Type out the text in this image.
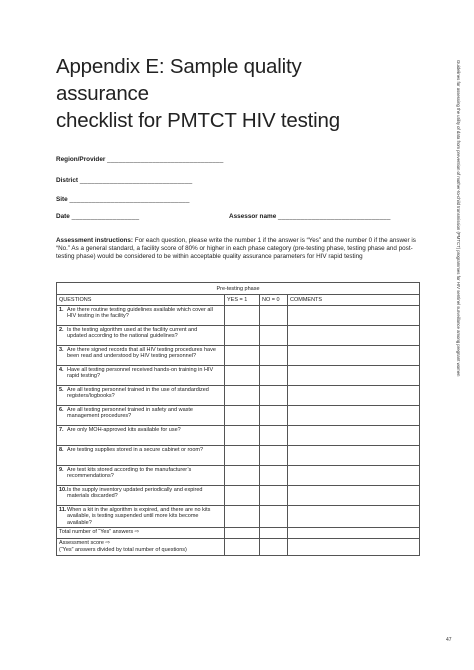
Appendix E: Sample quality assurance
checklist for PMTCT HIV testing
Region/Provider _______________________________
District ______________________________
Site ________________________________
Date __________________	Assessor name ______________________________
Assessment instructions: For each question, please write the number 1 if the answer is “Yes” and the number 0 if the answer is “No.” As a general standard, a facility score of 80% or higher in each phase category (pre-testing phase, testing phase and post-testing phase) would be considered to be within acceptable quality assurance parameters for HIV rapid testing	Guidelines for assessing the utility of data from prevention of mother-to-child transmission (PMTCT) programmes for HIV sentinel surveillance among pregnant women
Pre-testing phase			
QUESTIONS	YES = 1	NO = 0	COMMENTS
1. Are there routine testing guidelines available which cover all HIV testing in the facility?			
2. Is the testing algorithm used at the facility current and updated according to the national guidelines?			
3. Are there signed records that all HIV testing procedures have been read and understood by HIV testing personnel?			
4. Have all testing personnel received hands-on training in HIV rapid testing?			
5. Are all testing personnel trained in the use of standardized registers/logbooks?			
6. Are all testing personnel trained in safety and waste management procedures?			
7. Are only MOH-approved kits available for use?			
8. Are testing supplies stored in a secure cabinet or room?			
9. Are test kits stored according to the manufacturer’s recommendations?			
10.Is the supply inventory updated periodically and expired materials discarded?			
11.When a kit in the algorithm is expired, and there are no kits available, is testing suspended until more kits become available?			
Total number of “Yes” answers ⇨			

Assessment score ⇨
(“Yes” answers divided by total number of questions)			

47
